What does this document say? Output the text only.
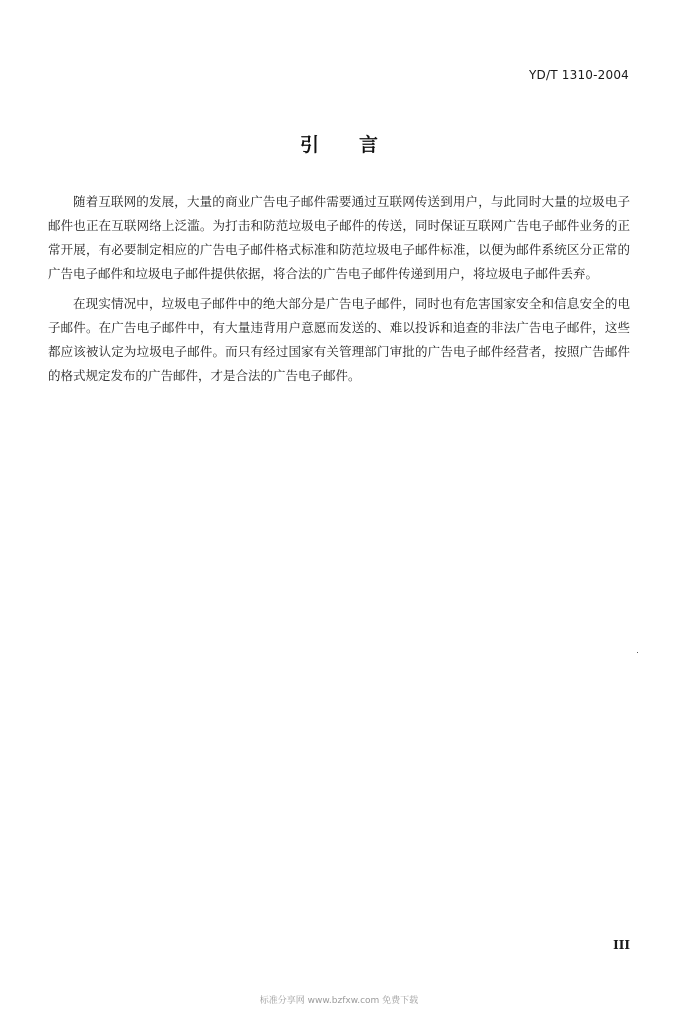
YD/T 1310-2004
引言

随着互联网的发展，大量的商业广告电子邮件需要通过互联网传送到用户，与此同时大量的垃圾电子邮件也正在互联网络上泛滥。为打击和防范垃圾电子邮件的传送，同时保证互联网广告电子邮件业务的正常开展，有必要制定相应的广告电子邮件格式标准和防范垃圾电子邮件标准，以便为邮件系统区分正常的广告电子邮件和垃圾电子邮件提供依据，将合法的广告电子邮件传递到用户，将垃圾电子邮件丢弃。

在现实情况中，垃圾电子邮件中的绝大部分是广告电子邮件，同时也有危害国家安全和信息安全的电子邮件。在广告电子邮件中，有大量违背用户意愿而发送的、难以投诉和追查的非法广告电子邮件，这些都应该被认定为垃圾电子邮件。而只有经过国家有关管理部门审批的广告电子邮件经营者，按照广告邮件的格式规定发布的广告邮件，才是合法的广告电子邮件。

III
标准分享网 www.bzfxw.com 免费下载
